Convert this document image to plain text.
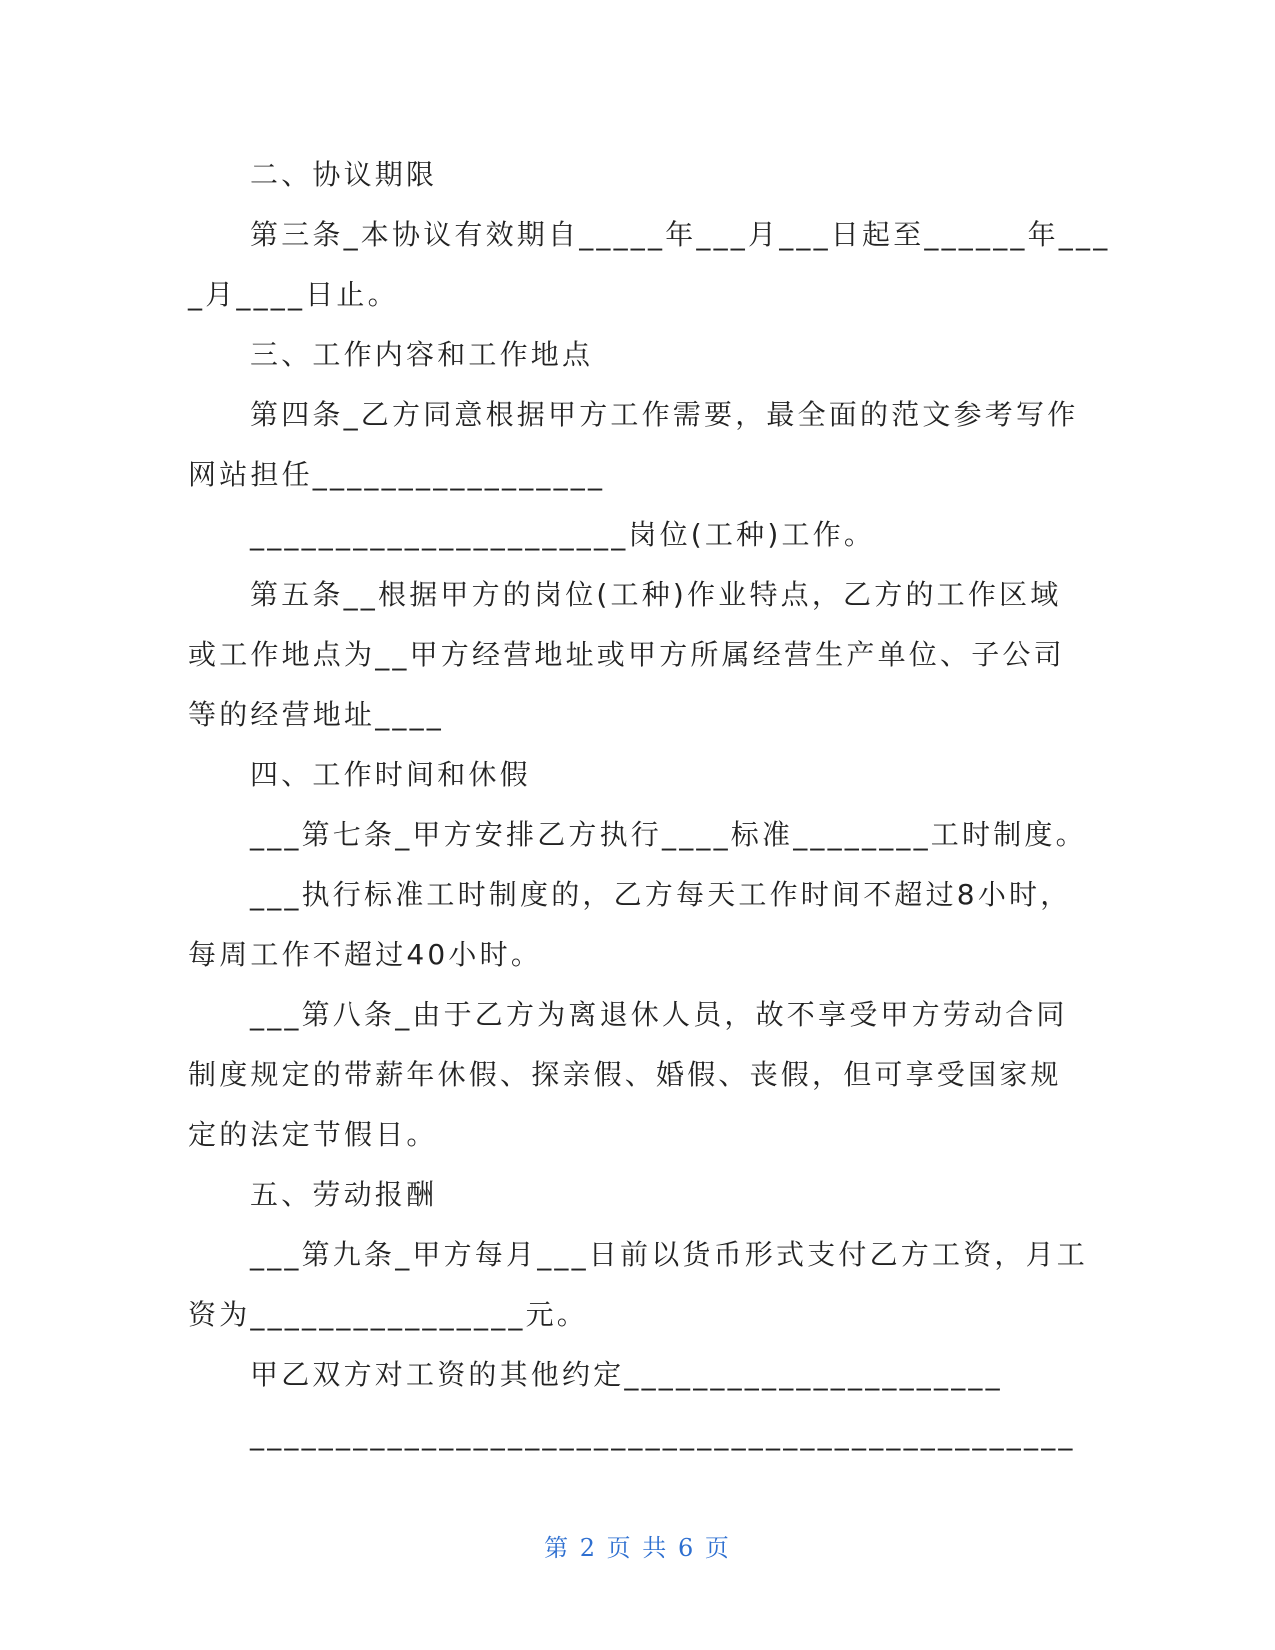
二、协议期限
第三条_本协议有效期自_____年___月___日起至______年___
_月____日止。
三、工作内容和工作地点
第四条_乙方同意根据甲方工作需要，最全面的范文参考写作
网站担任_________________
______________________岗位(工种)工作。
第五条__根据甲方的岗位(工种)作业特点，乙方的工作区域
或工作地点为__甲方经营地址或甲方所属经营生产单位、子公司
等的经营地址____
四、工作时间和休假
___第七条_甲方安排乙方执行____标准________工时制度。
___执行标准工时制度的，乙方每天工作时间不超过8小时，
每周工作不超过40小时。
___第八条_由于乙方为离退休人员，故不享受甲方劳动合同
制度规定的带薪年休假、探亲假、婚假、丧假，但可享受国家规
定的法定节假日。
五、劳动报酬
___第九条_甲方每月___日前以货币形式支付乙方工资，月工
资为________________元。
甲乙双方对工资的其他约定______________________
________________________________________________
第 2 页 共 6 页
